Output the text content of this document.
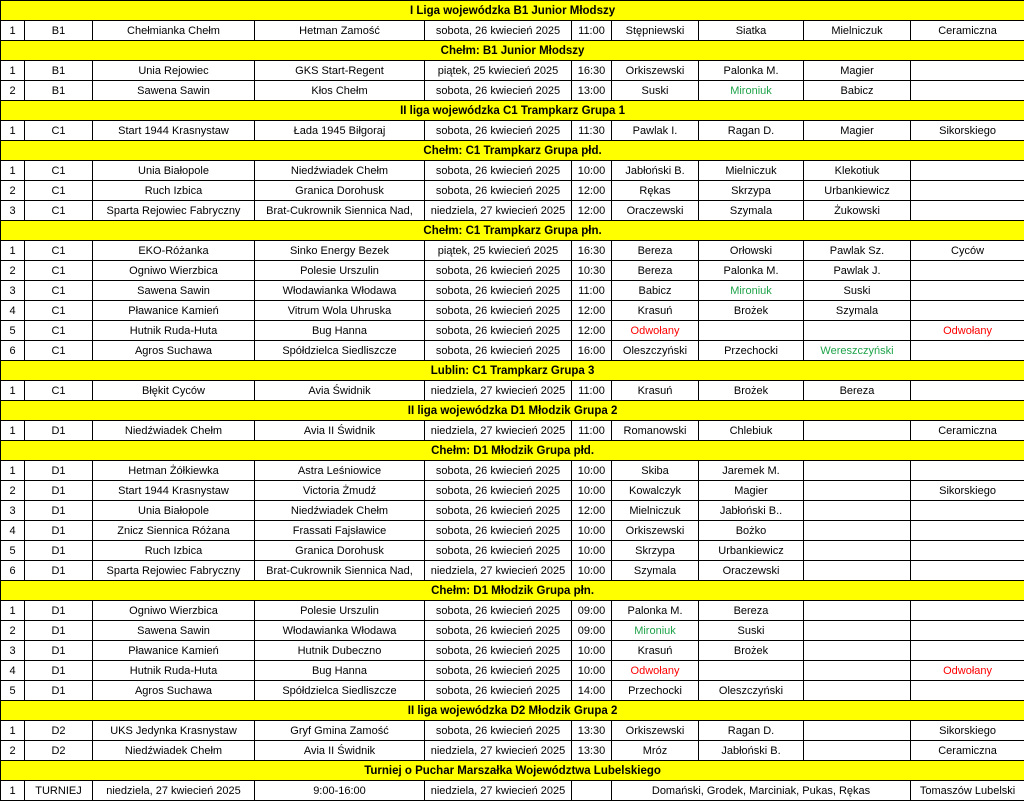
I Liga wojewódzka B1 Junior Młodszy									
1	B1	Chełmianka Chełm	Hetman Zamość	sobota, 26 kwiecień 2025	11:00	Stępniewski	Siatka	Mielniczuk	Ceramiczna
Chełm: B1 Junior Młodszy									
1	B1	Unia Rejowiec	GKS Start-Regent	piątek, 25 kwiecień 2025	16:30	Orkiszewski	Palonka M.	Magier	
2	B1	Sawena Sawin	Kłos Chełm	sobota, 26 kwiecień 2025	13:00	Suski	Mironiuk	Babicz	
II liga wojewódzka C1 Trampkarz Grupa 1									
1	C1	Start 1944 Krasnystaw	Łada 1945 Biłgoraj	sobota, 26 kwiecień 2025	11:30	Pawlak I.	Ragan D.	Magier	Sikorskiego
Chełm: C1 Trampkarz Grupa płd.									
1	C1	Unia Białopole	Niedźwiadek Chełm	sobota, 26 kwiecień 2025	10:00	Jabłoński B.	Mielniczuk	Klekotiuk	
2	C1	Ruch Izbica	Granica Dorohusk	sobota, 26 kwiecień 2025	12:00	Rękas	Skrzypa	Urbankiewicz	
3	C1	Sparta Rejowiec Fabryczny	Brat-Cukrownik Siennica Nad,	niedziela, 27 kwiecień 2025	12:00	Oraczewski	Szymala	Żukowski	
Chełm: C1 Trampkarz Grupa płn.									
1	C1	EKO-Różanka	Sinko Energy Bezek	piątek, 25 kwiecień 2025	16:30	Bereza	Orłowski	Pawlak Sz.	Cyców
2	C1	Ogniwo Wierzbica	Polesie Urszulin	sobota, 26 kwiecień 2025	10:30	Bereza	Palonka M.	Pawlak J.	
3	C1	Sawena Sawin	Włodawianka Włodawa	sobota, 26 kwiecień 2025	11:00	Babicz	Mironiuk	Suski	
4	C1	Pławanice Kamień	Vitrum Wola Uhruska	sobota, 26 kwiecień 2025	12:00	Krasuń	Brożek	Szymala	
5	C1	Hutnik Ruda-Huta	Bug Hanna	sobota, 26 kwiecień 2025	12:00	Odwołany			Odwołany
6	C1	Agros Suchawa	Spółdzielca Siedliszcze	sobota, 26 kwiecień 2025	16:00	Oleszczyński	Przechocki	Wereszczyński	
Lublin: C1 Trampkarz Grupa 3									
1	C1	Błękit Cyców	Avia Świdnik	niedziela, 27 kwiecień 2025	11:00	Krasuń	Brożek	Bereza	
II liga wojewódzka D1 Młodzik Grupa 2									
1	D1	Niedźwiadek Chełm	Avia II Świdnik	niedziela, 27 kwiecień 2025	11:00	Romanowski	Chlebiuk		Ceramiczna
Chełm: D1 Młodzik Grupa płd.									
1	D1	Hetman Żółkiewka	Astra Leśniowice	sobota, 26 kwiecień 2025	10:00	Skiba	Jaremek M.		
2	D1	Start 1944 Krasnystaw	Victoria Żmudź	sobota, 26 kwiecień 2025	10:00	Kowalczyk	Magier		Sikorskiego
3	D1	Unia Białopole	Niedźwiadek Chełm	sobota, 26 kwiecień 2025	12:00	Mielniczuk	Jabłoński B..		
4	D1	Znicz Siennica Różana	Frassati Fajsławice	sobota, 26 kwiecień 2025	10:00	Orkiszewski	Bożko		
5	D1	Ruch Izbica	Granica Dorohusk	sobota, 26 kwiecień 2025	10:00	Skrzypa	Urbankiewicz		
6	D1	Sparta Rejowiec Fabryczny	Brat-Cukrownik Siennica Nad,	niedziela, 27 kwiecień 2025	10:00	Szymala	Oraczewski		
Chełm: D1 Młodzik Grupa płn.									
1	D1	Ogniwo Wierzbica	Polesie Urszulin	sobota, 26 kwiecień 2025	09:00	Palonka M.	Bereza		
2	D1	Sawena Sawin	Włodawianka Włodawa	sobota, 26 kwiecień 2025	09:00	Mironiuk	Suski		
3	D1	Pławanice Kamień	Hutnik Dubeczno	sobota, 26 kwiecień 2025	10:00	Krasuń	Brożek		
4	D1	Hutnik Ruda-Huta	Bug Hanna	sobota, 26 kwiecień 2025	10:00	Odwołany			Odwołany
5	D1	Agros Suchawa	Spółdzielca Siedliszcze	sobota, 26 kwiecień 2025	14:00	Przechocki	Oleszczyński		
II liga wojewódzka D2 Młodzik Grupa 2									
1	D2	UKS Jedynka Krasnystaw	Gryf Gmina Zamość	sobota, 26 kwiecień 2025	13:30	Orkiszewski	Ragan D.		Sikorskiego
2	D2	Niedźwiadek Chełm	Avia II Świdnik	niedziela, 27 kwiecień 2025	13:30	Mróz	Jabłoński B.		Ceramiczna
Turniej o Puchar Marszałka Województwa Lubelskiego									
1	TURNIEJ	niedziela, 27 kwiecień 2025	9:00-16:00	niedziela, 27 kwiecień 2025		Domański, Grodek, Marciniak, Pukas, Rękas			Tomaszów Lubelski
